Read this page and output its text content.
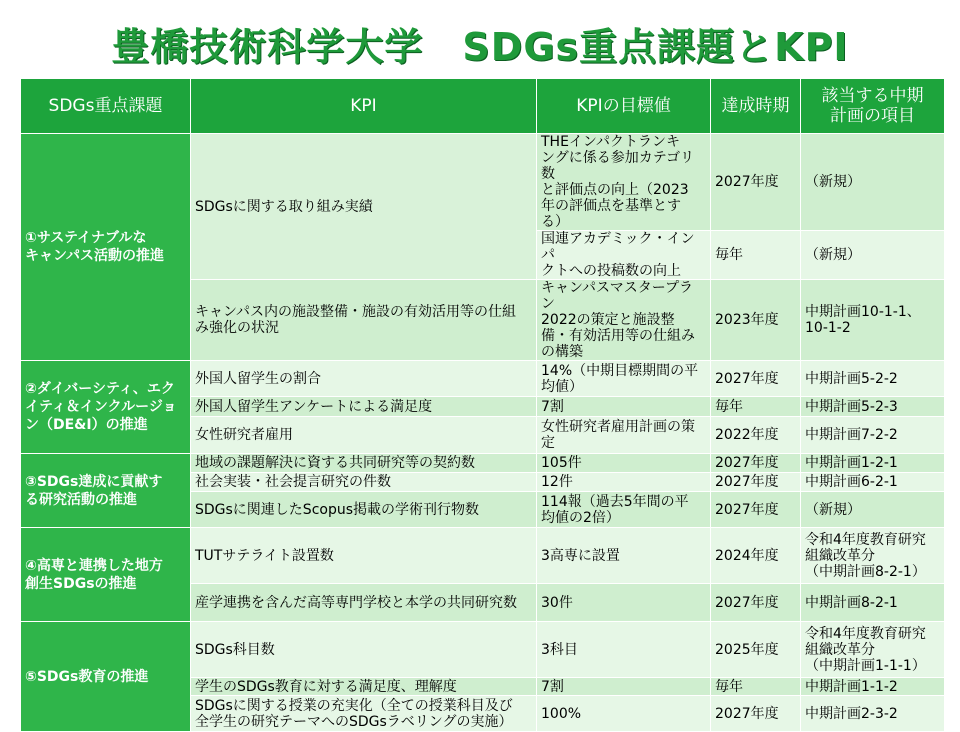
豊橋技術科学大学　SDGs重点課題とKPI
SDGs重点課題	KPI	KPIの目標値	達成時期	該当する中期
計画の項目
①サステイナブルな
キャンパス活動の推進	SDGsに関する取り組み実績	THEインパクトランキ
ングに係る参加カテゴリ数
と評価点の向上（2023
年の評価点を基準とす
る）	2027年度	（新規）
		国連アカデミック・インパ
クトへの投稿数の向上	毎年	（新規）
	キャンパス内の施設整備・施設の有効活用等の仕組
み強化の状況	キャンパスマスタープラン
2022の策定と施設整
備・有効活用等の仕組み
の構築	2023年度	中期計画10-1-1、
10-1-2
②ダイバーシティ、エク
イティ＆インクルージョ
ン（DE&I）の推進	外国人留学生の割合	14%（中期目標期間の平
均値）	2027年度	中期計画5-2-2
	外国人留学生アンケートによる満足度	7割	毎年	中期計画5-2-3
	女性研究者雇用	女性研究者雇用計画の策
定	2022年度	中期計画7-2-2
③SDGs達成に貢献す
る研究活動の推進	地域の課題解決に資する共同研究等の契約数	105件	2027年度	中期計画1-2-1
	社会実装・社会提言研究の件数	12件	2027年度	中期計画6-2-1
	SDGsに関連したScopus掲載の学術刊行物数	114報（過去5年間の平
均値の2倍）	2027年度	（新規）
④高専と連携した地方
創生SDGsの推進	TUTサテライト設置数	3高専に設置	2024年度	令和4年度教育研究
組織改革分
（中期計画8-2-1）
	産学連携を含んだ高等専門学校と本学の共同研究数	30件	2027年度	中期計画8-2-1
⑤SDGs教育の推進	SDGs科目数	3科目	2025年度	令和4年度教育研究
組織改革分
（中期計画1-1-1）
	学生のSDGs教育に対する満足度、理解度	7割	毎年	中期計画1-1-2
	SDGsに関する授業の充実化（全ての授業科目及び
全学生の研究テーマへのSDGsラベリングの実施）	100%	2027年度	中期計画2-3-2
